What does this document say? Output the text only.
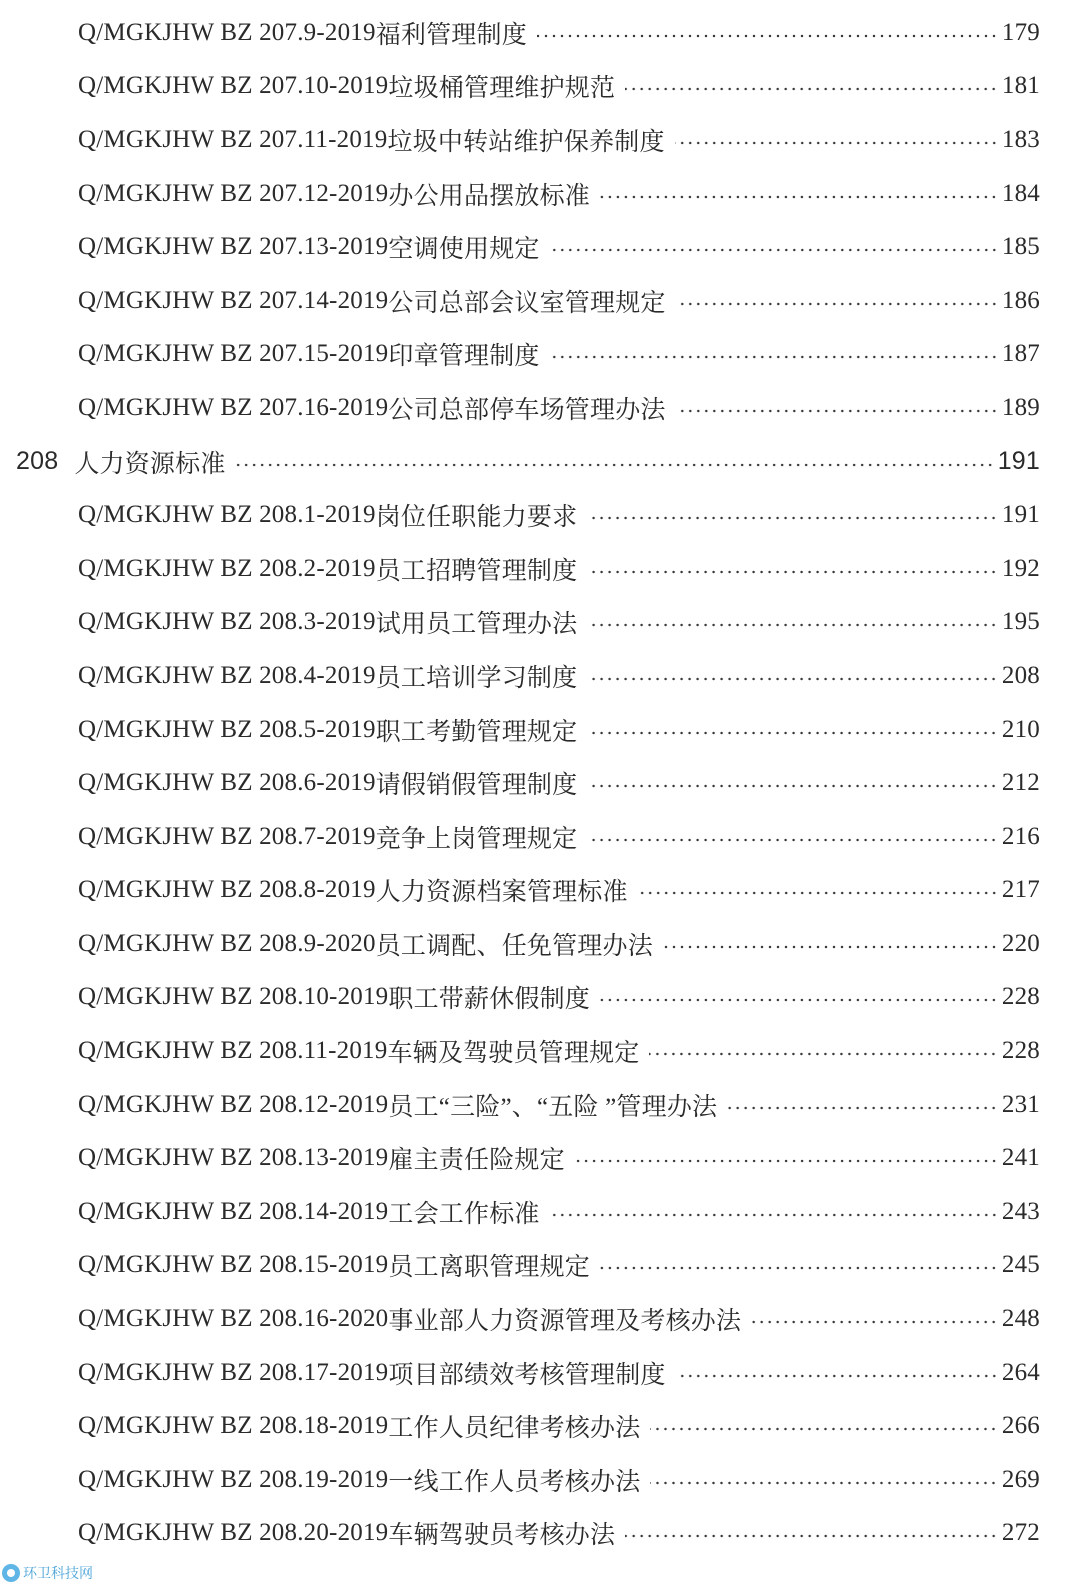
Q/MGKJHW BZ 207.9-2019 福利管理制度	179
Q/MGKJHW BZ 207.10-2019 垃圾桶管理维护规范	181
Q/MGKJHW BZ 207.11-2019 垃圾中转站维护保养制度	183
Q/MGKJHW BZ 207.12-2019 办公用品摆放标准	184
Q/MGKJHW BZ 207.13-2019 空调使用规定	185
Q/MGKJHW BZ 207.14-2019 公司总部会议室管理规定	186
Q/MGKJHW BZ 207.15-2019 印章管理制度	187
Q/MGKJHW BZ 207.16-2019 公司总部停车场管理办法	189
208 人力资源标准	191
Q/MGKJHW BZ 208.1-2019 岗位任职能力要求	191
Q/MGKJHW BZ 208.2-2019 员工招聘管理制度	192
Q/MGKJHW BZ 208.3-2019 试用员工管理办法	195
Q/MGKJHW BZ 208.4-2019 员工培训学习制度	208
Q/MGKJHW BZ 208.5-2019 职工考勤管理规定	210
Q/MGKJHW BZ 208.6-2019 请假销假管理制度	212
Q/MGKJHW BZ 208.7-2019 竞争上岗管理规定	216
Q/MGKJHW BZ 208.8-2019 人力资源档案管理标准	217
Q/MGKJHW BZ 208.9-2020 员工调配、任免管理办法	220
Q/MGKJHW BZ 208.10-2019 职工带薪休假制度	228
Q/MGKJHW BZ 208.11-2019 车辆及驾驶员管理规定	228
Q/MGKJHW BZ 208.12-2019 员工“三险”、“五险 ”管理办法	231
Q/MGKJHW BZ 208.13-2019 雇主责任险规定	241
Q/MGKJHW BZ 208.14-2019 工会工作标准	243
Q/MGKJHW BZ 208.15-2019 员工离职管理规定	245
Q/MGKJHW BZ 208.16-2020 事业部人力资源管理及考核办法	248
Q/MGKJHW BZ 208.17-2019 项目部绩效考核管理制度	264
Q/MGKJHW BZ 208.18-2019 工作人员纪律考核办法	266
Q/MGKJHW BZ 208.19-2019 一线工作人员考核办法	269
Q/MGKJHW BZ 208.20-2019 车辆驾驶员考核办法	272
环卫科技网
